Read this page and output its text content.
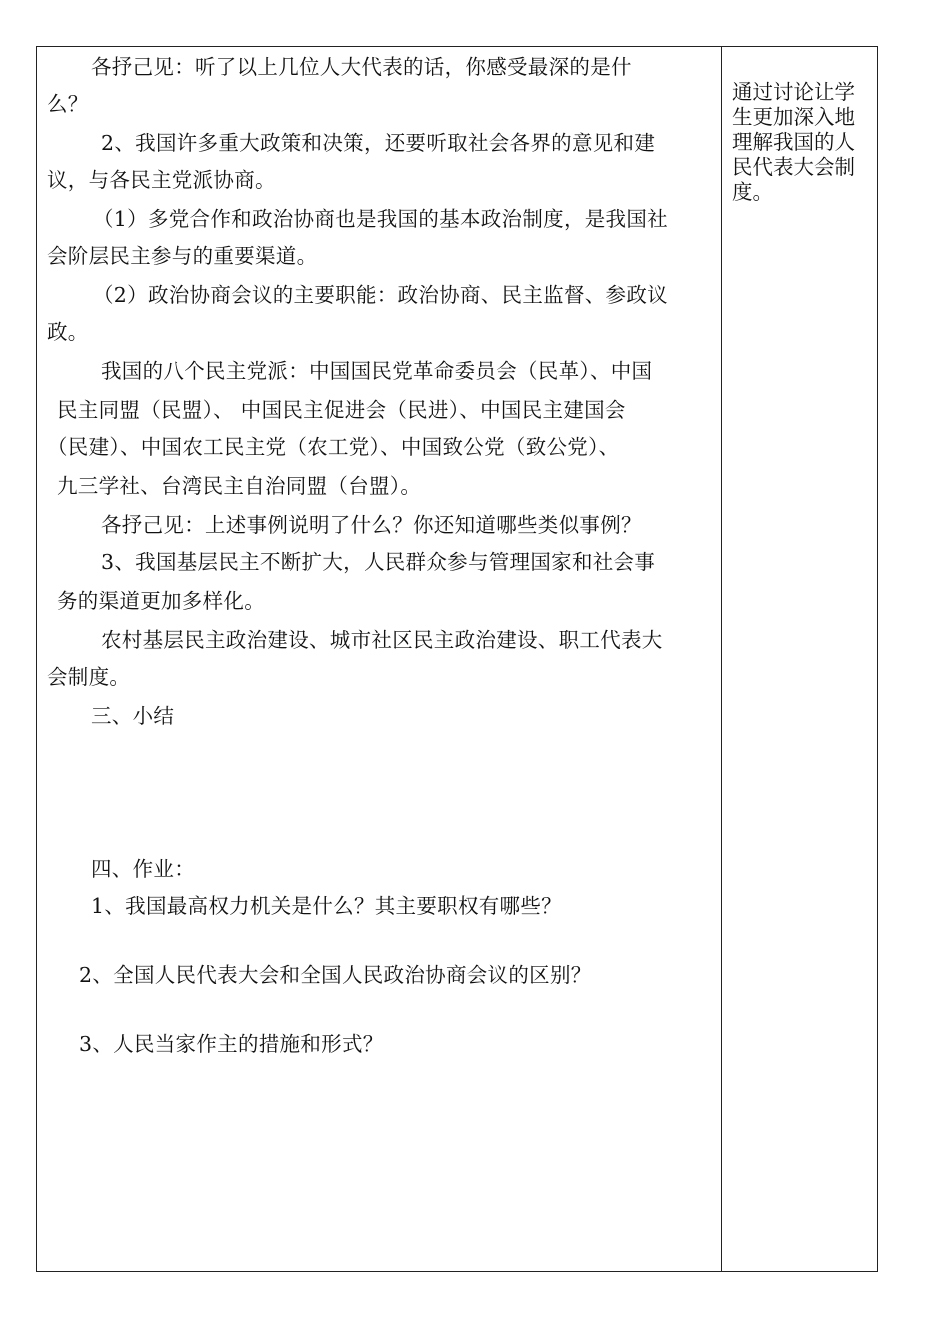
各抒己见：听了以上几位人大代表的话，你感受最深的是什
么？
2、我国许多重大政策和决策，还要听取社会各界的意见和建
议，与各民主党派协商。
（1）多党合作和政治协商也是我国的基本政治制度，是我国社
会阶层民主参与的重要渠道。
（2）政治协商会议的主要职能：政治协商、民主监督、参政议
政。
我国的八个民主党派：中国国民党革命委员会（民革）、中国
民主同盟（民盟）、 中国民主促进会（民进）、中国民主建国会
（民建）、中国农工民主党（农工党）、中国致公党（致公党）、
九三学社、台湾民主自治同盟（台盟）。
各抒己见：上述事例说明了什么？你还知道哪些类似事例？
3、我国基层民主不断扩大，人民群众参与管理国家和社会事
务的渠道更加多样化。
农村基层民主政治建设、城市社区民主政治建设、职工代表大
会制度。
三、小结
四、作业：
1、我国最高权力机关是什么？其主要职权有哪些？
2、全国人民代表大会和全国人民政治协商会议的区别？
3、人民当家作主的措施和形式？
通过讨论让学
生更加深入地
理解我国的人
民代表大会制
度。
